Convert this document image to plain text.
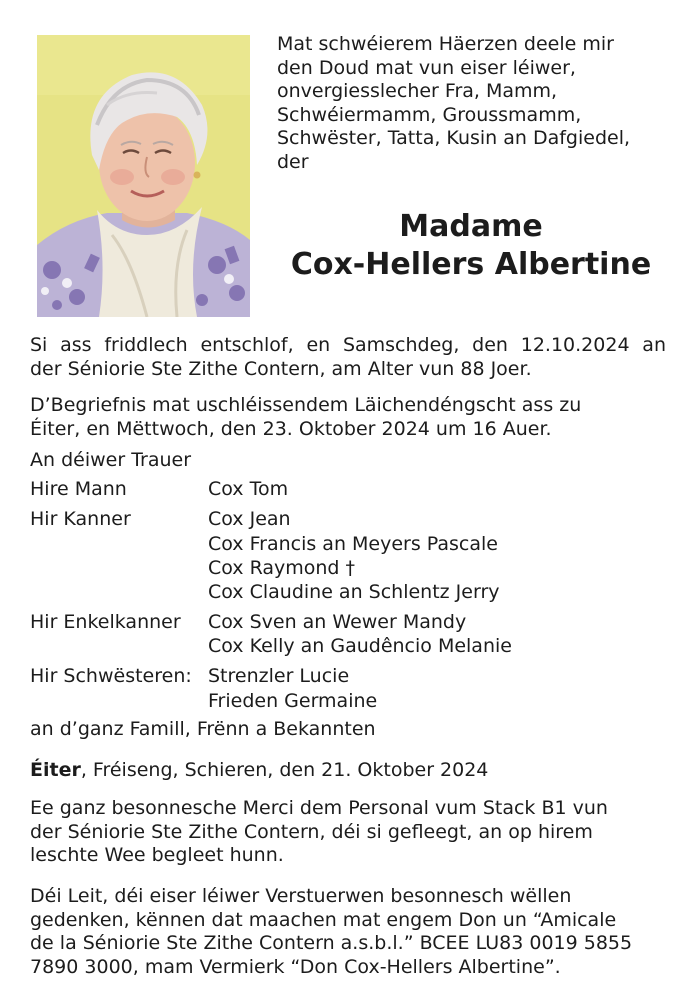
Mat schwéierem Häerzen deele mir
den Doud mat vun eiser léiwer,
onvergiesslecher Fra, Mamm,
Schwéiermamm, Groussmamm,
Schwëster, Tatta, Kusin an Dafgiedel,
der
Madame
Cox-Hellers Albertine
Si ass friddlech entschlof, en Samschdeg, den 12.10.2024 an
der Séniorie Ste Zithe Contern, am Alter vun 88 Joer.
D’Begriefnis mat uschléissendem Läichendéngscht ass zu
Éiter, en Mëttwoch, den 23. Oktober 2024 um 16 Auer.
An déiwer Trauer
Hire Mann	Cox Tom
Hir Kanner	Cox Jean
Cox Francis an Meyers Pascale
Cox Raymond †
Cox Claudine an Schlentz Jerry
Hir Enkelkanner Cox Sven an Wewer Mandy
Cox Kelly an Gaudêncio Melanie
Hir Schwësteren: Strenzler Lucie
Frieden Germaine
an d’ganz Famill, Frënn a Bekannten
Éiter, Fréiseng, Schieren, den 21. Oktober 2024
Ee ganz besonnesche Merci dem Personal vum Stack B1 vun
der Séniorie Ste Zithe Contern, déi si gefleegt, an op hirem
leschte Wee begleet hunn.
Déi Leit, déi eiser léiwer Verstuerwen besonnesch wëllen
gedenken, kënnen dat maachen mat engem Don un “Amicale
de la Séniorie Ste Zithe Contern a.s.b.l.” BCEE LU83 0019 5855
7890 3000, mam Vermierk “Don Cox-Hellers Albertine”.
